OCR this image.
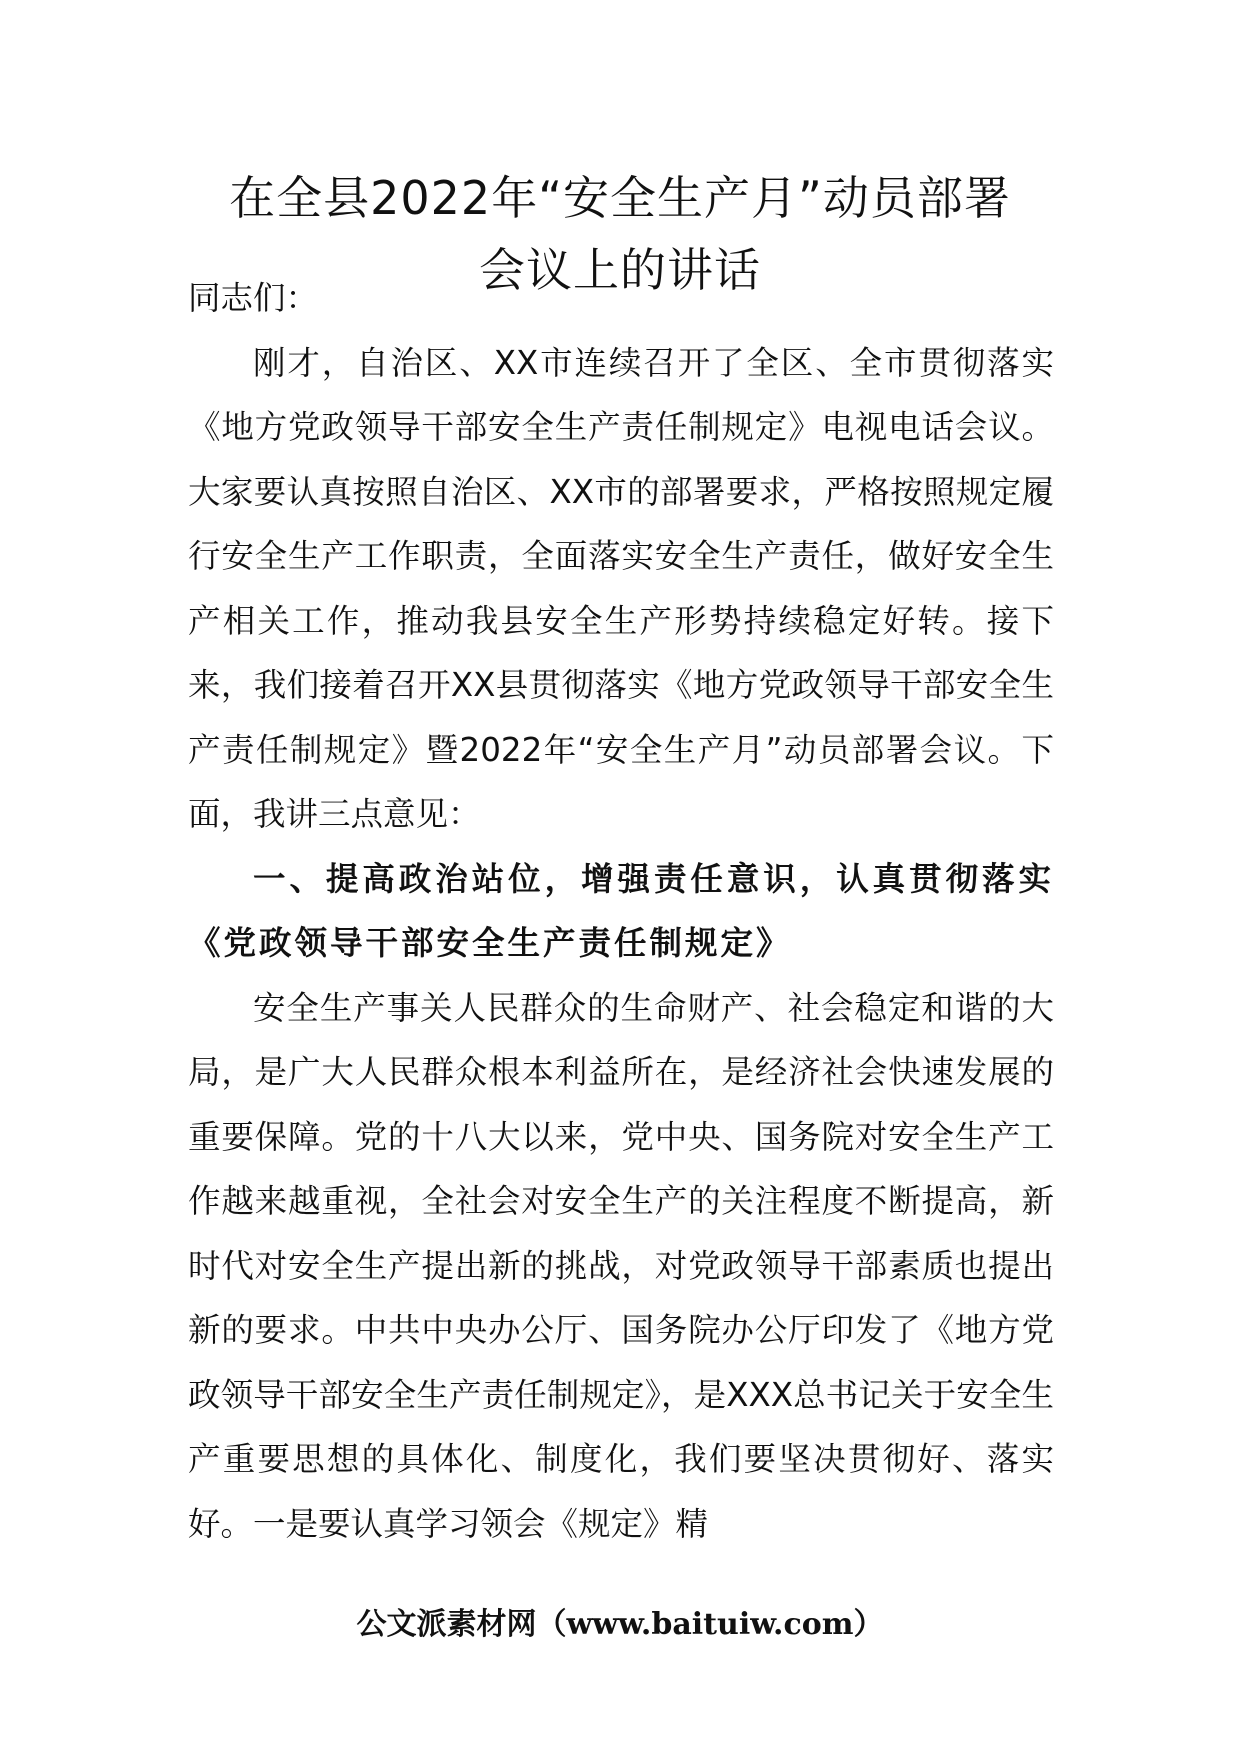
在全县2022年“安全生产月”动员部署
会议上的讲话

同志们：

刚才，自治区、XX市连续召开了全区、全市贯彻落实《地方党政领导干部安全生产责任制规定》电视电话会议。大家要认真按照自治区、XX市的部署要求，严格按照规定履行安全生产工作职责，全面落实安全生产责任，做好安全生产相关工作，推动我县安全生产形势持续稳定好转。接下来，我们接着召开XX县贯彻落实《地方党政领导干部安全生产责任制规定》暨2022年“安全生产月”动员部署会议。下面，我讲三点意见：

一、提高政治站位，增强责任意识，认真贯彻落实《党政领导干部安全生产责任制规定》

安全生产事关人民群众的生命财产、社会稳定和谐的大局，是广大人民群众根本利益所在，是经济社会快速发展的重要保障。党的十八大以来，党中央、国务院对安全生产工作越来越重视，全社会对安全生产的关注程度不断提高，新时代对安全生产提出新的挑战，对党政领导干部素质也提出新的要求。中共中央办公厅、国务院办公厅印发了《地方党政领导干部安全生产责任制规定》，是XXX总书记关于安全生产重要思想的具体化、制度化，我们要坚决贯彻好、落实好。一是要认真学习领会《规定》精

公文派素材网（www.baituiw.com）
